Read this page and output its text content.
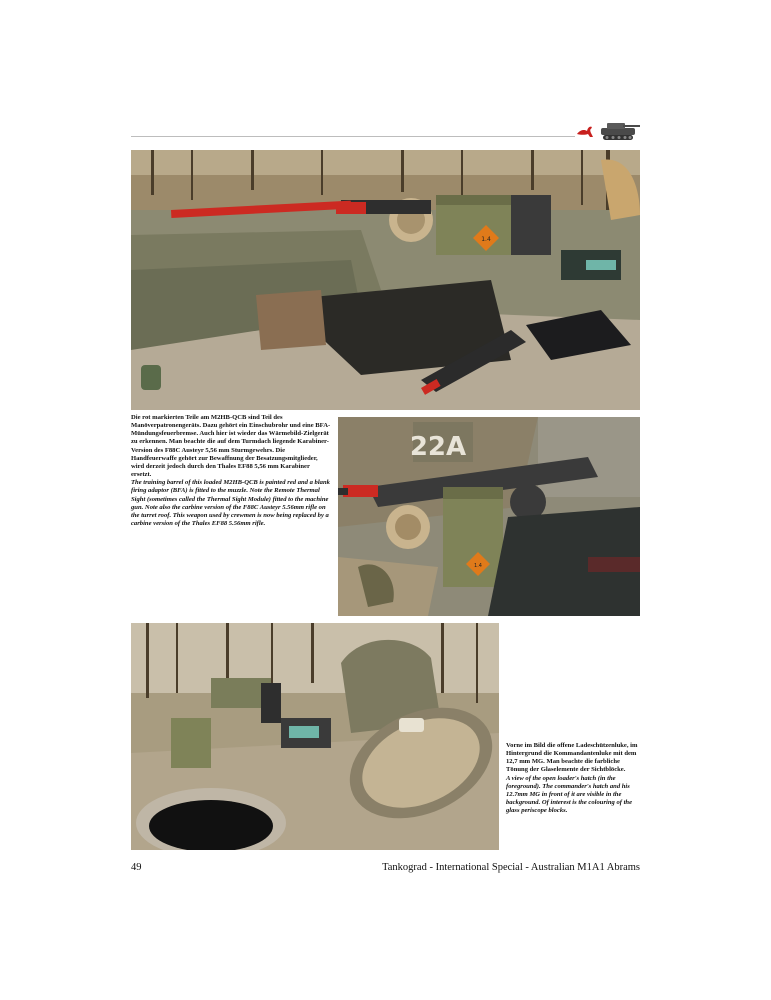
1.4
Die rot markierten Teile am M2HB-QCB sind Teil des Manöverpatronengeräts. Dazu gehört ein Einschubrohr und eine BFA-Mündungsfeuerbremse. Auch hier ist wieder das Wärmebild-Zielgerät zu erkennen. Man beachte die auf dem Turmdach liegende Karabiner-Version des F88C Austeyr 5,56 mm Sturmgewehrs. Die Handfeuerwaffe gehört zur Bewaffnung der Besatzungsmitglieder, wird derzeit jedoch durch den Thales EF88 5,56 mm Karabiner ersetzt.
The training barrel of this loaded M2HB-QCB is painted red and a blank firing adaptor (BFA) is fitted to the muzzle. Note the Remote Thermal Sight (sometimes called the Thermal Sight Module) fitted to the machine gun. Note also the carbine version of the F88C Austeyr 5.56mm rifle on the turret roof. This weapon used by crewmen is now being replaced by a carbine version of the Thales EF88 5.56mm rifle.
22A
1.4
Vorne im Bild die offene Ladeschützenluke, im Hintergrund die Kommandantenluke mit dem 12,7 mm MG. Man beachte die farbliche Tönung der Glaselemente der Sichtblöcke.
A view of the open loader's hatch (in the foreground). The commander's hatch and his 12.7mm MG in front of it are visible in the background. Of interest is the colouring of the glass periscope blocks.
49	Tankograd - International Special - Australian M1A1 Abrams
